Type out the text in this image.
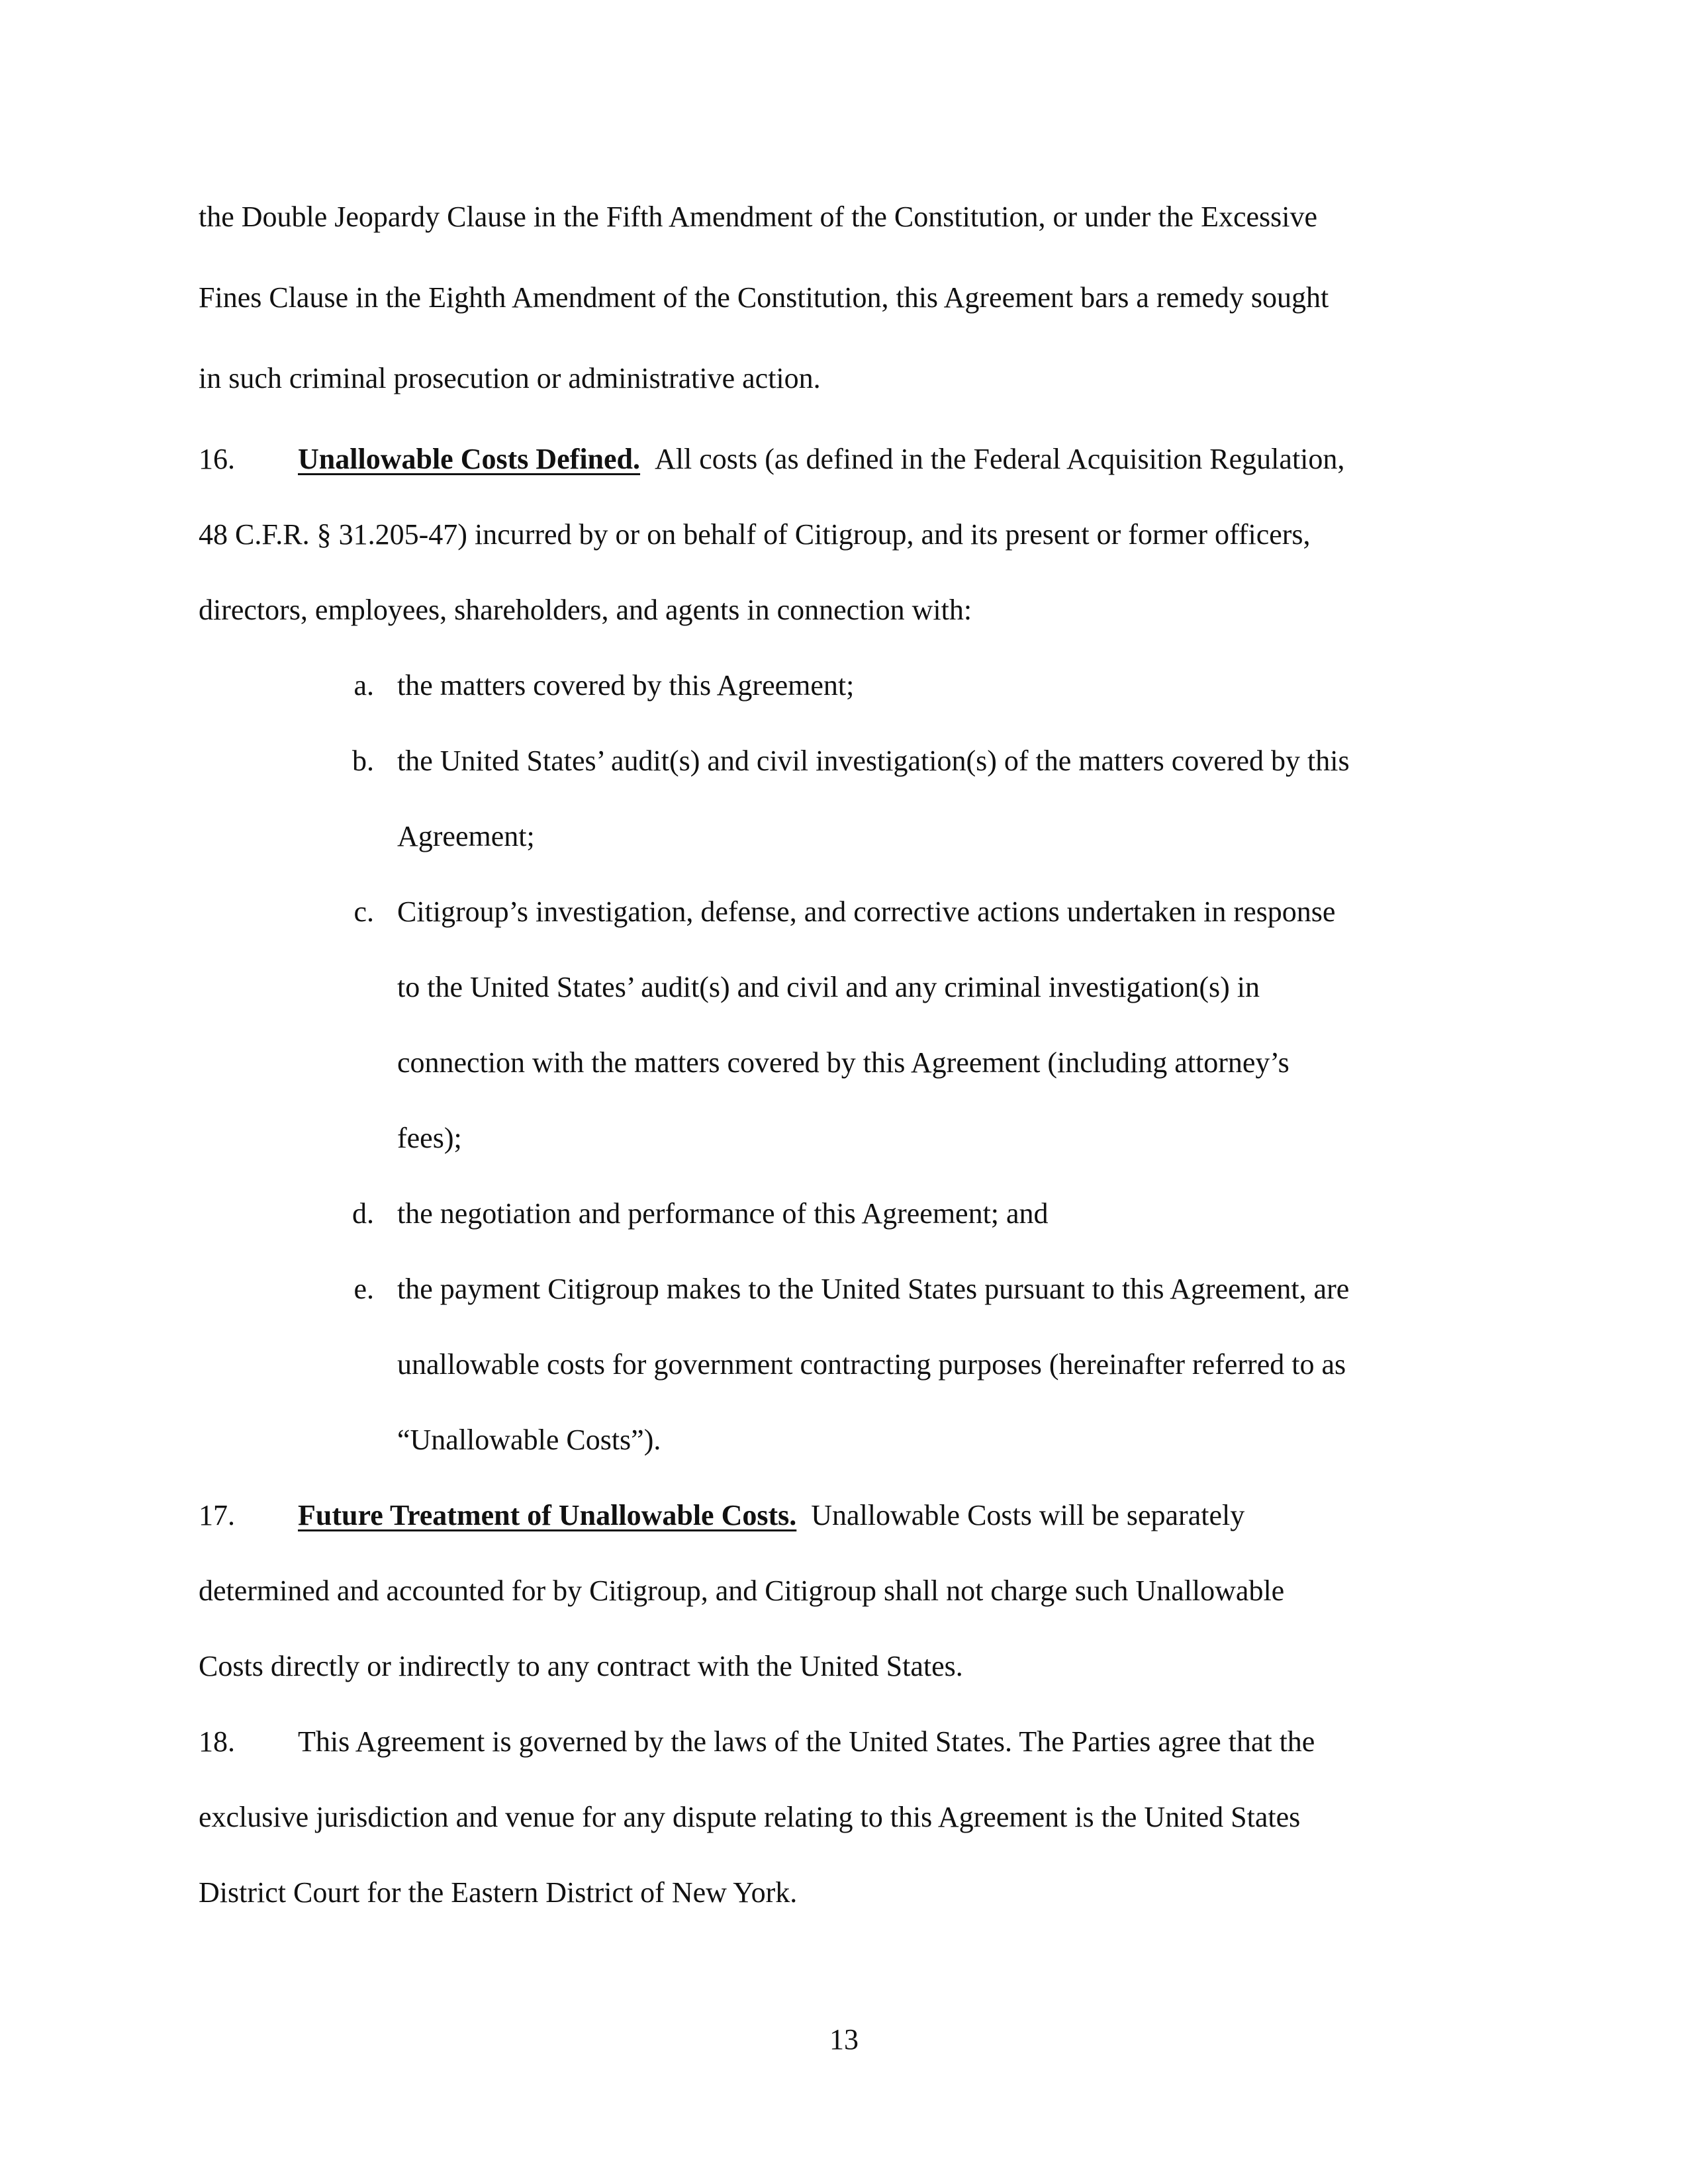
the Double Jeopardy Clause in the Fifth Amendment of the Constitution, or under the Excessive
Fines Clause in the Eighth Amendment of the Constitution, this Agreement bars a remedy sought
in such criminal prosecution or administrative action.
16. Unallowable Costs Defined. All costs (as defined in the Federal Acquisition Regulation,
48 C.F.R. § 31.205-47) incurred by or on behalf of Citigroup, and its present or former officers,
directors, employees, shareholders, and agents in connection with:
a. the matters covered by this Agreement;
b. the United States’ audit(s) and civil investigation(s) of the matters covered by this
Agreement;
c. Citigroup’s investigation, defense, and corrective actions undertaken in response
to the United States’ audit(s) and civil and any criminal investigation(s) in
connection with the matters covered by this Agreement (including attorney’s
fees);
d. the negotiation and performance of this Agreement; and
e. the payment Citigroup makes to the United States pursuant to this Agreement, are
unallowable costs for government contracting purposes (hereinafter referred to as
“Unallowable Costs”).
17. Future Treatment of Unallowable Costs. Unallowable Costs will be separately
determined and accounted for by Citigroup, and Citigroup shall not charge such Unallowable
Costs directly or indirectly to any contract with the United States.
18. This Agreement is governed by the laws of the United States. The Parties agree that the
exclusive jurisdiction and venue for any dispute relating to this Agreement is the United States
District Court for the Eastern District of New York.
13
